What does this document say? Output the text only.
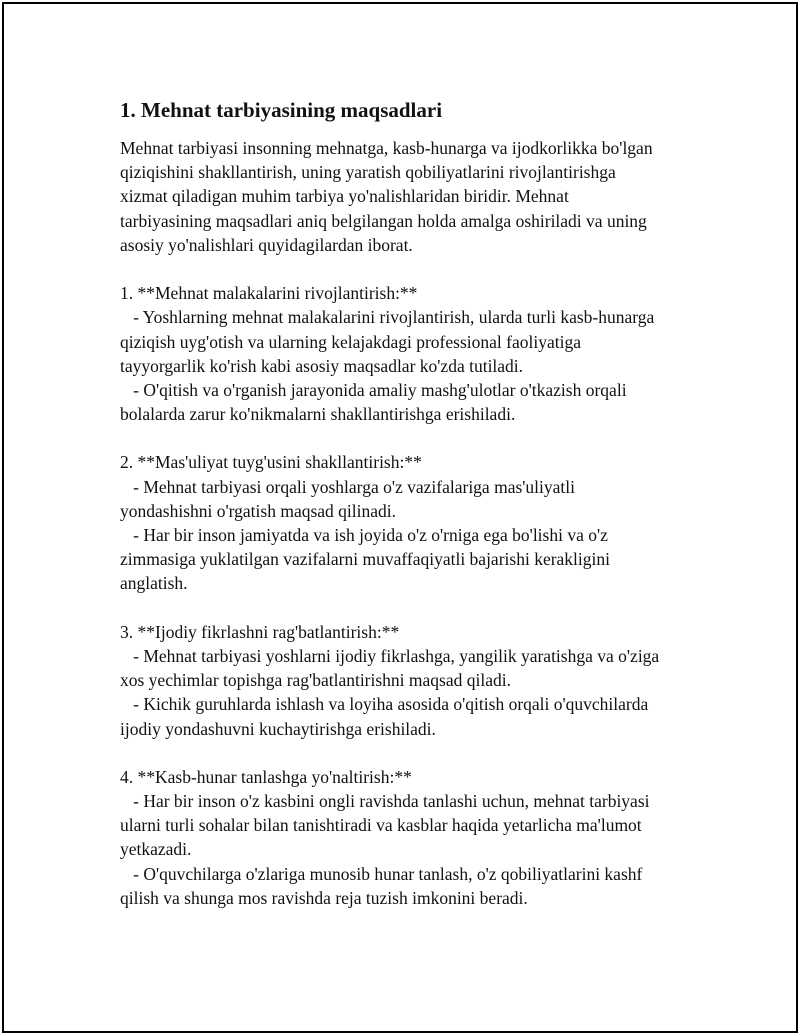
1. Mehnat tarbiyasining maqsadlari
Mehnat tarbiyasi insonning mehnatga, kasb-hunarga va ijodkorlikka bo'lgan
qiziqishini shakllantirish, uning yaratish qobiliyatlarini rivojlantirishga
xizmat qiladigan muhim tarbiya yo'nalishlaridan biridir. Mehnat
tarbiyasining maqsadlari aniq belgilangan holda amalga oshiriladi va uning
asosiy yo'nalishlari quyidagilardan iborat.
1. **Mehnat malakalarini rivojlantirish:**
- Yoshlarning mehnat malakalarini rivojlantirish, ularda turli kasb-hunarga
qiziqish uyg'otish va ularning kelajakdagi professional faoliyatiga
tayyorgarlik ko'rish kabi asosiy maqsadlar ko'zda tutiladi.
- O'qitish va o'rganish jarayonida amaliy mashg'ulotlar o'tkazish orqali
bolalarda zarur ko'nikmalarni shakllantirishga erishiladi.
2. **Mas'uliyat tuyg'usini shakllantirish:**
- Mehnat tarbiyasi orqali yoshlarga o'z vazifalariga mas'uliyatli
yondashishni o'rgatish maqsad qilinadi.
- Har bir inson jamiyatda va ish joyida o'z o'rniga ega bo'lishi va o'z
zimmasiga yuklatilgan vazifalarni muvaffaqiyatli bajarishi kerakligini
anglatish.
3. **Ijodiy fikrlashni rag'batlantirish:**
- Mehnat tarbiyasi yoshlarni ijodiy fikrlashga, yangilik yaratishga va o'ziga
xos yechimlar topishga rag'batlantirishni maqsad qiladi.
- Kichik guruhlarda ishlash va loyiha asosida o'qitish orqali o'quvchilarda
ijodiy yondashuvni kuchaytirishga erishiladi.
4. **Kasb-hunar tanlashga yo'naltirish:**
- Har bir inson o'z kasbini ongli ravishda tanlashi uchun, mehnat tarbiyasi
ularni turli sohalar bilan tanishtiradi va kasblar haqida yetarlicha ma'lumot
yetkazadi.
- O'quvchilarga o'zlariga munosib hunar tanlash, o'z qobiliyatlarini kashf
qilish va shunga mos ravishda reja tuzish imkonini beradi.
